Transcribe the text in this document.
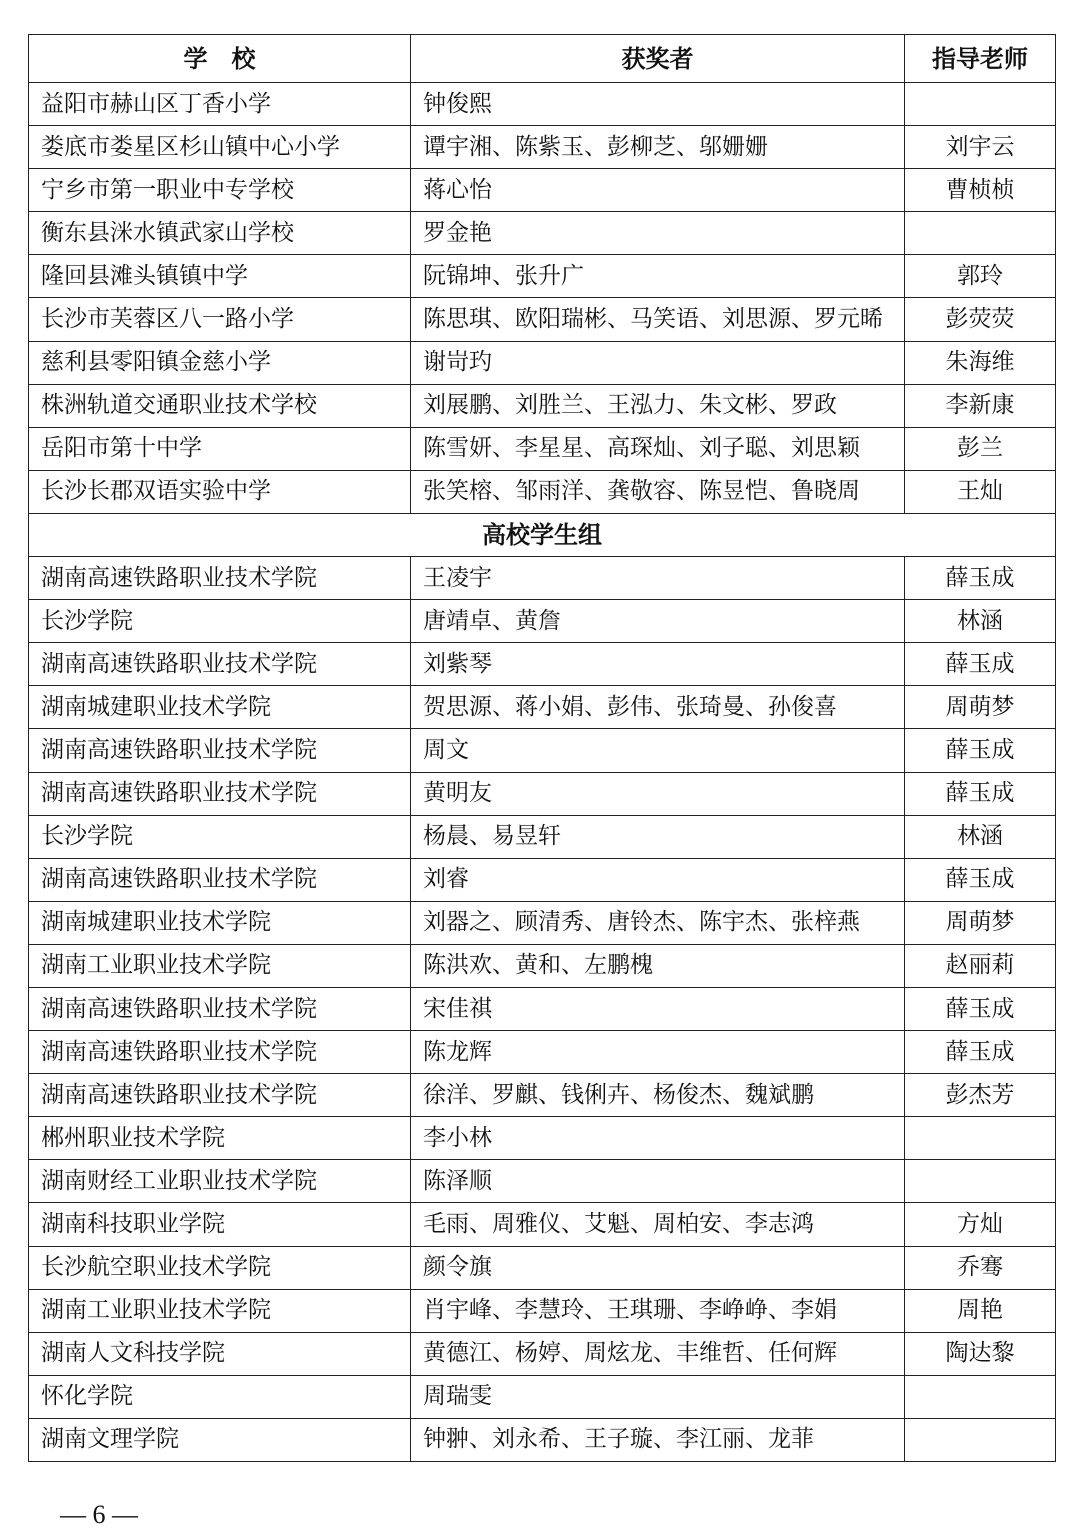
学　校	获奖者	指导老师
益阳市赫山区丁香小学	钟俊熙	
娄底市娄星区杉山镇中心小学	谭宇湘、陈紫玉、彭柳芝、邬姗姗	刘宇云
宁乡市第一职业中专学校	蒋心怡	曹桢桢
衡东县洣水镇武家山学校	罗金艳	
隆回县滩头镇镇中学	阮锦坤、张升广	郭玲
长沙市芙蓉区八一路小学	陈思琪、欧阳瑞彬、马笑语、刘思源、罗元晞	彭荧荧
慈利县零阳镇金慈小学	谢岢玓	朱海维
株洲轨道交通职业技术学校	刘展鹏、刘胜兰、王泓力、朱文彬、罗政	李新康
岳阳市第十中学	陈雪妍、李星星、高琛灿、刘子聪、刘思颖	彭兰
长沙长郡双语实验中学	张笑榕、邹雨洋、龚敬容、陈昱恺、鲁晓周	王灿
高校学生组		
湖南高速铁路职业技术学院	王凌宇	薛玉成
长沙学院	唐靖卓、黄詹	林涵
湖南高速铁路职业技术学院	刘紫琴	薛玉成
湖南城建职业技术学院	贺思源、蒋小娟、彭伟、张琦曼、孙俊喜	周萌梦
湖南高速铁路职业技术学院	周文	薛玉成
湖南高速铁路职业技术学院	黄明友	薛玉成
长沙学院	杨晨、易昱轩	林涵
湖南高速铁路职业技术学院	刘睿	薛玉成
湖南城建职业技术学院	刘器之、顾清秀、唐铃杰、陈宇杰、张梓燕	周萌梦
湖南工业职业技术学院	陈洪欢、黄和、左鹏槐	赵丽莉
湖南高速铁路职业技术学院	宋佳祺	薛玉成
湖南高速铁路职业技术学院	陈龙辉	薛玉成
湖南高速铁路职业技术学院	徐洋、罗麒、钱俐卉、杨俊杰、魏斌鹏	彭杰芳
郴州职业技术学院	李小林	
湖南财经工业职业技术学院	陈泽顺	
湖南科技职业学院	毛雨、周雅仪、艾魁、周柏安、李志鸿	方灿
长沙航空职业技术学院	颜令旗	乔骞
湖南工业职业技术学院	肖宇峰、李慧玲、王琪珊、李峥峥、李娟	周艳
湖南人文科技学院	黄德江、杨婷、周炫龙、丰维哲、任何辉	陶达黎
怀化学院	周瑞雯	
湖南文理学院	钟翀、刘永希、王子璇、李江丽、龙菲	
— 6 —
